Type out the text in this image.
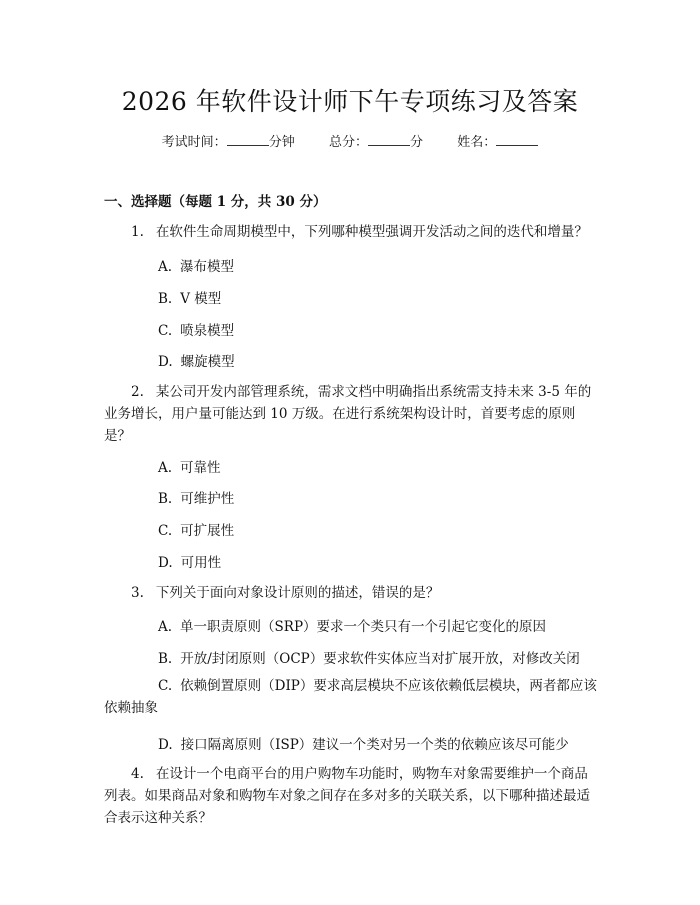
2026 年软件设计师下午专项练习及答案
考试时间：	分钟	总分：	分	姓名：
一、选择题（每题 1 分，共 30 分）
1. 在软件生命周期模型中，下列哪种模型强调开发活动之间的迭代和增量？
A. 瀑布模型
B. V 模型
C. 喷泉模型
D. 螺旋模型
2. 某公司开发内部管理系统，需求文档中明确指出系统需支持未来 3-5 年的业务增长，用户量可能达到 10 万级。在进行系统架构设计时，首要考虑的原则是？
A. 可靠性
B. 可维护性
C. 可扩展性
D. 可用性
3. 下列关于面向对象设计原则的描述，错误的是？
A. 单一职责原则（SRP）要求一个类只有一个引起它变化的原因
B. 开放/封闭原则（OCP）要求软件实体应当对扩展开放，对修改关闭
C. 依赖倒置原则（DIP）要求高层模块不应该依赖低层模块，两者都应该依赖抽象
D. 接口隔离原则（ISP）建议一个类对另一个类的依赖应该尽可能少
4. 在设计一个电商平台的用户购物车功能时，购物车对象需要维护一个商品列表。如果商品对象和购物车对象之间存在多对多的关联关系，以下哪种描述最适合表示这种关系？
